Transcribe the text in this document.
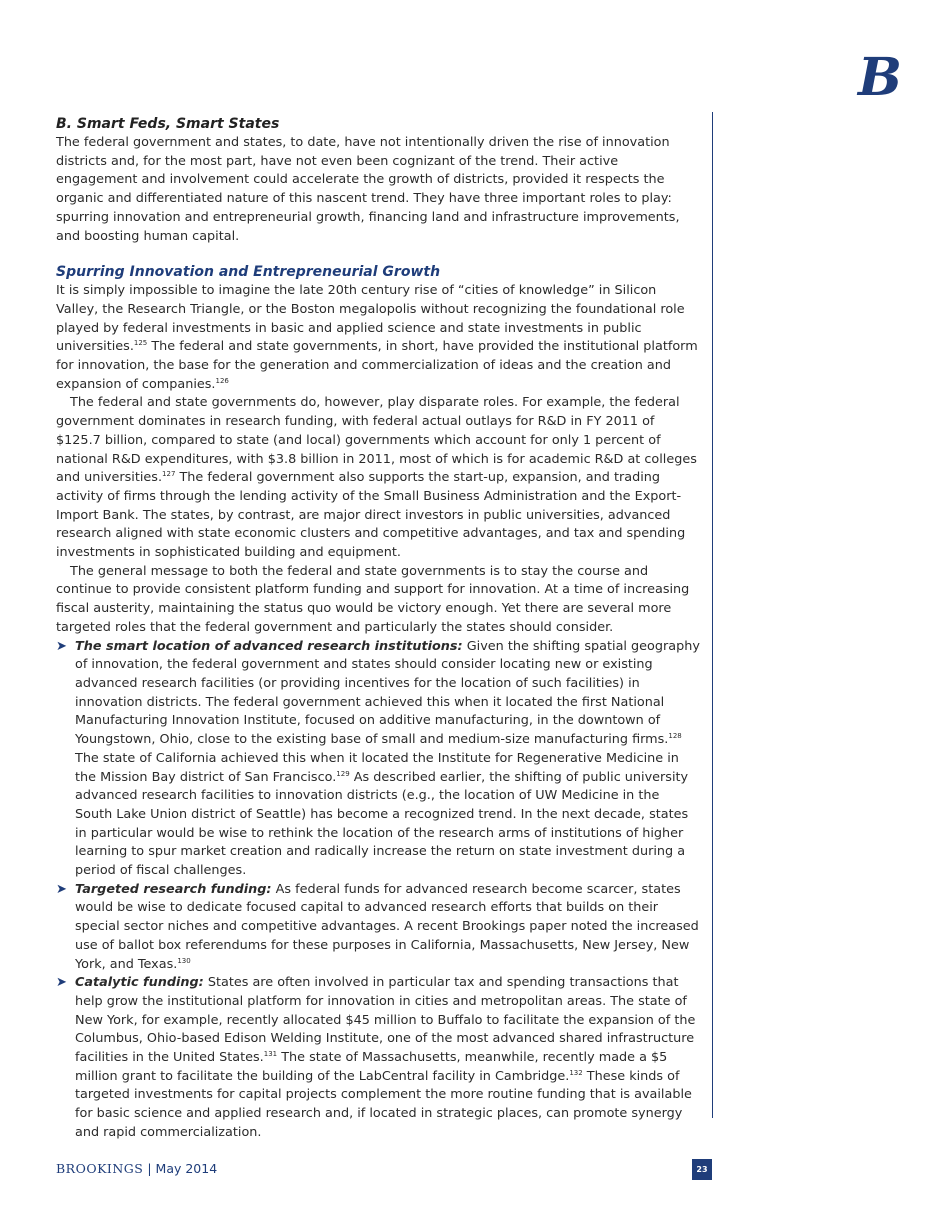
B
B. Smart Feds, Smart States

The federal government and states, to date, have not intentionally driven the rise of innovation districts and, for the most part, have not even been cognizant of the trend. Their active engagement and involvement could accelerate the growth of districts, provided it respects the organic and differentiated nature of this nascent trend. They have three important roles to play: spurring innovation and entrepreneurial growth, financing land and infrastructure improvements, and boosting human capital.

Spurring Innovation and Entrepreneurial Growth

It is simply impossible to imagine the late 20th century rise of “cities of knowledge” in Silicon Valley, the Research Triangle, or the Boston megalopolis without recognizing the foundational role played by federal investments in basic and applied science and state investments in public universities.$^{125}$ The federal and state governments, in short, have provided the institutional platform for innovation, the base for the generation and commercialization of ideas and the creation and expansion of companies.$^{126}$

The federal and state governments do, however, play disparate roles. For example, the federal government dominates in research funding, with federal actual outlays for R&D in FY 2011 of $125.7 billion, compared to state (and local) governments which account for only 1 percent of national R&D expenditures, with $3.8 billion in 2011, most of which is for academic R&D at colleges and universities.$^{127}$ The federal government also supports the start-up, expansion, and trading activity of firms through the lending activity of the Small Business Administration and the Export-Import Bank. The states, by contrast, are major direct investors in public universities, advanced research aligned with state economic clusters and competitive advantages, and tax and spending investments in sophisticated building and equipment.

The general message to both the federal and state governments is to stay the course and continue to provide consistent platform funding and support for innovation. At a time of increasing fiscal austerity, maintaining the status quo would be victory enough. Yet there are several more targeted roles that the federal government and particularly the states should consider.

➤ The smart location of advanced research institutions: Given the shifting spatial geography of innovation, the federal government and states should consider locating new or existing advanced research facilities (or providing incentives for the location of such facilities) in innovation districts. The federal government achieved this when it located the first National Manufacturing Innovation Institute, focused on additive manufacturing, in the downtown of Youngstown, Ohio, close to the existing base of small and medium-size manufacturing firms.$^{128}$ The state of California achieved this when it located the Institute for Regenerative Medicine in the Mission Bay district of San Francisco.$^{129}$ As described earlier, the shifting of public university advanced research facilities to innovation districts (e.g., the location of UW Medicine in the South Lake Union district of Seattle) has become a recognized trend. In the next decade, states in particular would be wise to rethink the location of the research arms of institutions of higher learning to spur market creation and radically increase the return on state investment during a period of fiscal challenges.
➤ Targeted research funding: As federal funds for advanced research become scarcer, states would be wise to dedicate focused capital to advanced research efforts that builds on their special sector niches and competitive advantages. A recent Brookings paper noted the increased use of ballot box referendums for these purposes in California, Massachusetts, New Jersey, New York, and Texas.$^{130}$
➤ Catalytic funding: States are often involved in particular tax and spending transactions that help grow the institutional platform for innovation in cities and metropolitan areas. The state of New York, for example, recently allocated $45 million to Buffalo to facilitate the expansion of the Columbus, Ohio-based Edison Welding Institute, one of the most advanced shared infrastructure facilities in the United States.$^{131}$ The state of Massachusetts, meanwhile, recently made a $5 million grant to facilitate the building of the LabCentral facility in Cambridge.$^{132}$ These kinds of targeted investments for capital projects complement the more routine funding that is available for basic science and applied research and, if located in strategic places, can promote synergy and rapid commercialization.
BROOKINGS | May 2014	23
